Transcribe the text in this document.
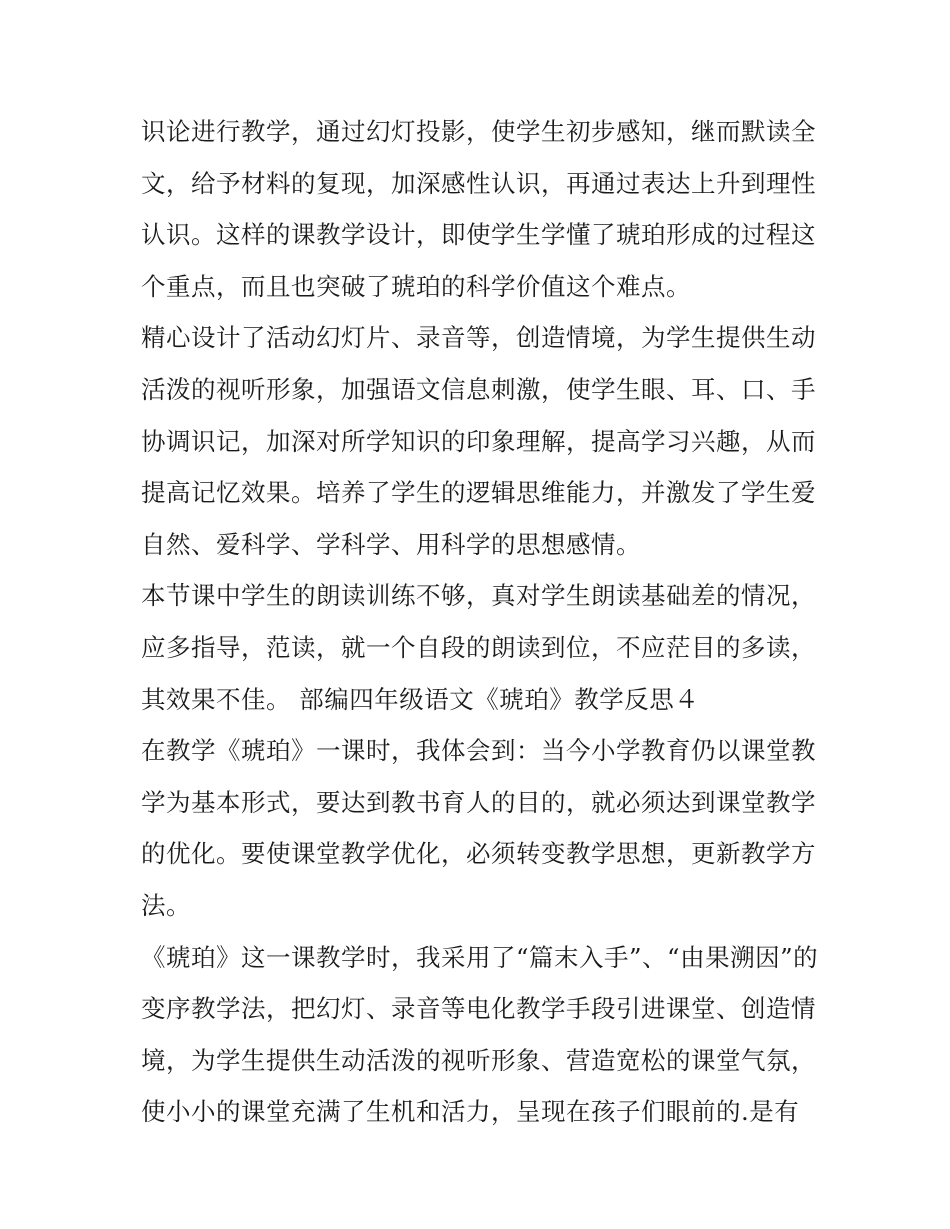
识论进行教学，通过幻灯投影，使学生初步感知，继而默读全
文，给予材料的复现，加深感性认识，再通过表达上升到理性
认识。这样的课教学设计，即使学生学懂了琥珀形成的过程这
个重点，而且也突破了琥珀的科学价值这个难点。
精心设计了活动幻灯片、录音等，创造情境，为学生提供生动
活泼的视听形象，加强语文信息刺激，使学生眼、耳、口、手
协调识记，加深对所学知识的印象理解，提高学习兴趣，从而
提高记忆效果。培养了学生的逻辑思维能力，并激发了学生爱
自然、爱科学、学科学、用科学的思想感情。
本节课中学生的朗读训练不够，真对学生朗读基础差的情况，
应多指导，范读，就一个自段的朗读到位，不应茫目的多读，
其效果不佳。 部编四年级语文《琥珀》教学反思４
在教学《琥珀》一课时，我体会到：当今小学教育仍以课堂教
学为基本形式，要达到教书育人的目的，就必须达到课堂教学
的优化。要使课堂教学优化，必须转变教学思想，更新教学方
法。
《琥珀》这一课教学时，我采用了“篇末入手”、“由果溯因”的
变序教学法，把幻灯、录音等电化教学手段引进课堂、创造情
境，为学生提供生动活泼的视听形象、营造宽松的课堂气氛，
使小小的课堂充满了生机和活力，呈现在孩子们眼前的.是有
